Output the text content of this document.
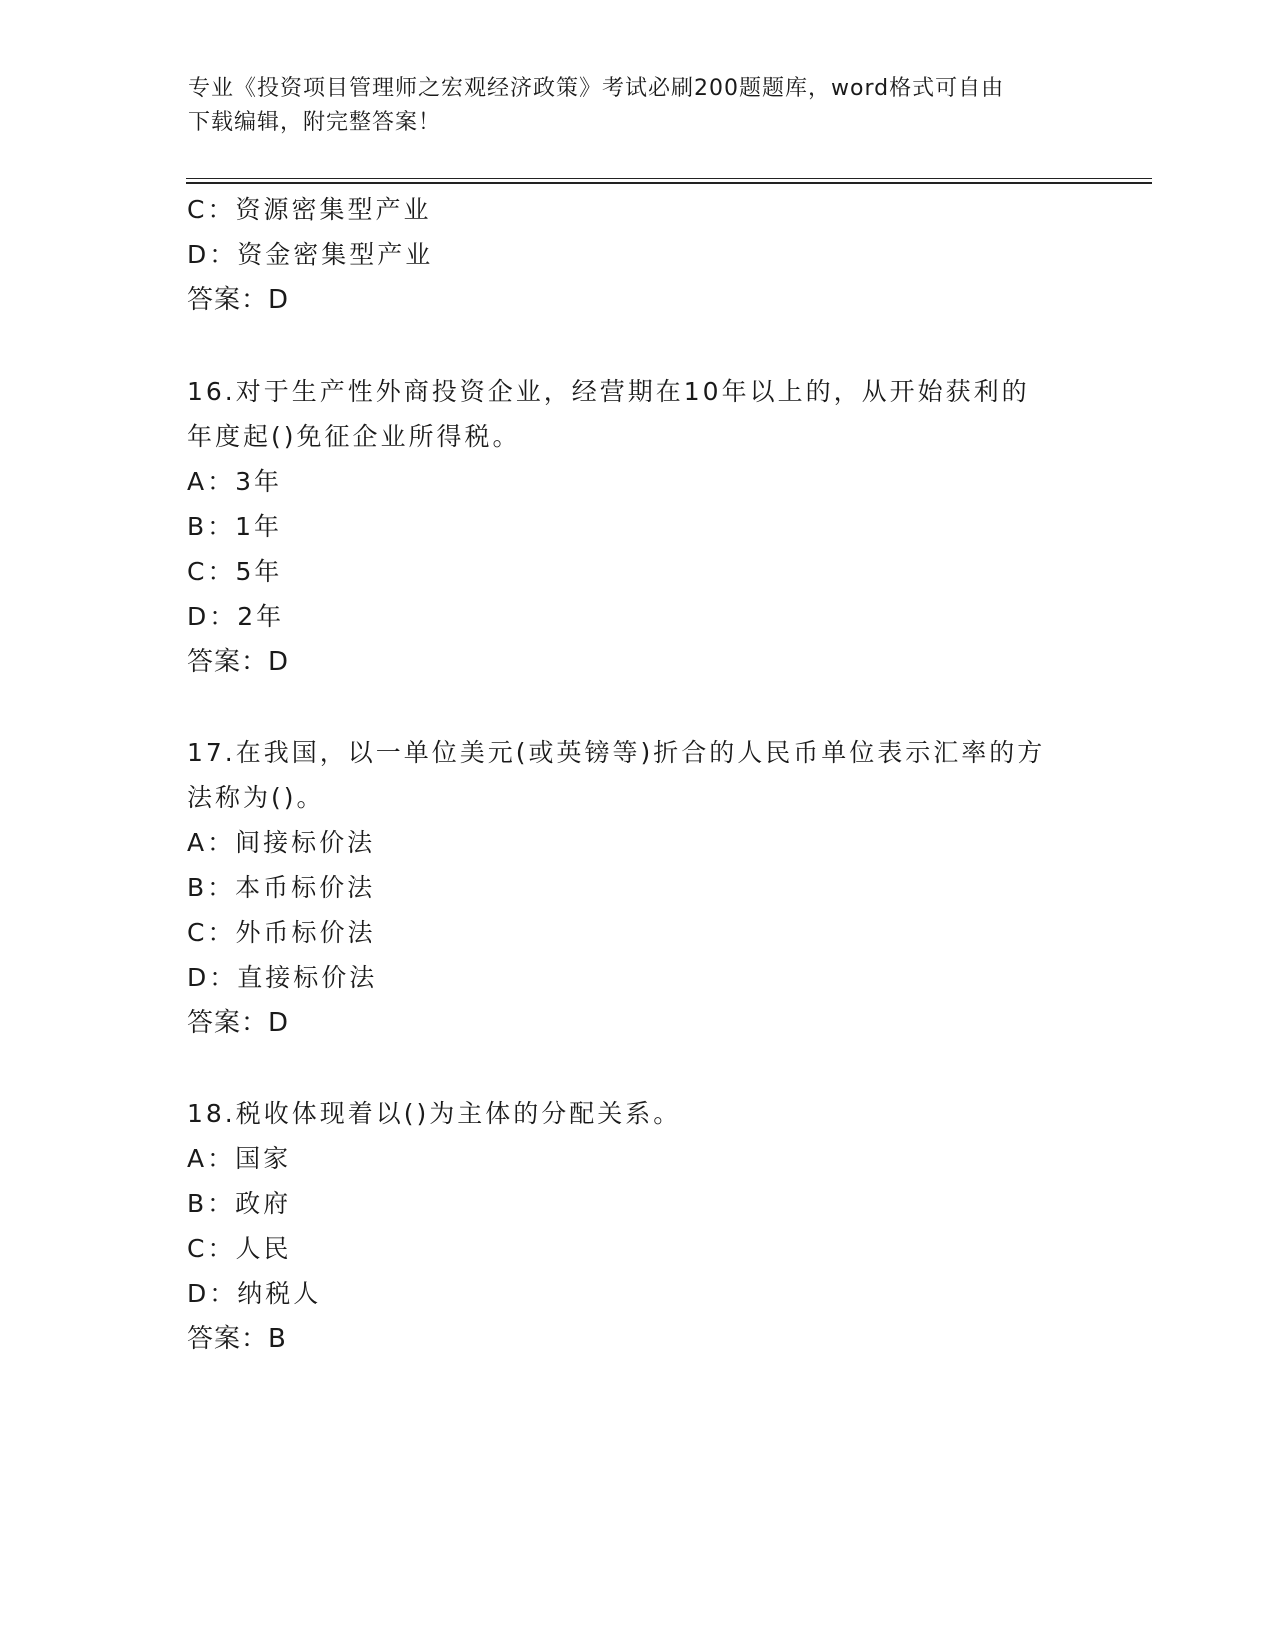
专业《投资项目管理师之宏观经济政策》考试必刷200题题库，word格式可自由
下载编辑，附完整答案！
C：资源密集型产业
D：资金密集型产业
答案：D
16.对于生产性外商投资企业，经营期在10年以上的，从开始获利的
年度起()免征企业所得税。
A：3年
B：1年
C：5年
D：2年
答案：D
17.在我国，以一单位美元(或英镑等)折合的人民币单位表示汇率的方
法称为()。
A：间接标价法
B：本币标价法
C：外币标价法
D：直接标价法
答案：D
18.税收体现着以()为主体的分配关系。
A：国家
B：政府
C：人民
D：纳税人
答案：B
